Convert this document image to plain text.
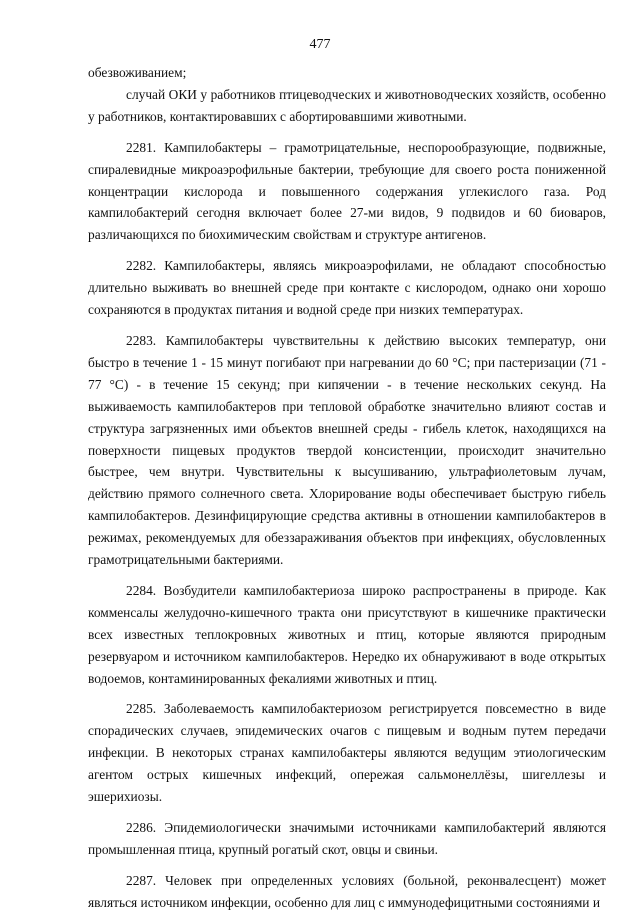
477

обезвоживанием;

случай ОКИ у работников птицеводческих и животноводческих хозяйств, особенно у работников, контактировавших с абортировавшими животными.

2281. Кампилобактеры – грамотрицательные, неспорообразующие, подвижные, спиралевидные микроаэрофильные бактерии, требующие для своего роста пониженной концентрации кислорода и повышенного содержания углекислого газа. Род кампилобактерий сегодня включает более 27-ми видов, 9 подвидов и 60 биоваров, различающихся по биохимическим свойствам и структуре антигенов.

2282. Кампилобактеры, являясь микроаэрофилами, не обладают способностью длительно выживать во внешней среде при контакте с кислородом, однако они хорошо сохраняются в продуктах питания и водной среде при низких температурах.

2283. Кампилобактеры чувствительны к действию высоких температур, они быстро в течение 1 - 15 минут погибают при нагревании до 60 °С; при пастеризации (71 - 77 °С) - в течение 15 секунд; при кипячении - в течение нескольких секунд. На выживаемость кампилобактеров при тепловой обработке значительно влияют состав и структура загрязненных ими объектов внешней среды - гибель клеток, находящихся на поверхности пищевых продуктов твердой консистенции, происходит значительно быстрее, чем внутри. Чувствительны к высушиванию, ультрафиолетовым лучам, действию прямого солнечного света. Хлорирование воды обеспечивает быструю гибель кампилобактеров. Дезинфицирующие средства активны в отношении кампилобактеров в режимах, рекомендуемых для обеззараживания объектов при инфекциях, обусловленных грамотрицательными бактериями.

2284. Возбудители кампилобактериоза широко распространены в природе. Как комменсалы желудочно-кишечного тракта они присутствуют в кишечнике практически всех известных теплокровных животных и птиц, которые являются природным резервуаром и источником кампилобактеров. Нередко их обнаруживают в воде открытых водоемов, контаминированных фекалиями животных и птиц.

2285. Заболеваемость кампилобактериозом регистрируется повсеместно в виде спорадических случаев, эпидемических очагов с пищевым и водным путем передачи инфекции. В некоторых странах кампилобактеры являются ведущим этиологическим агентом острых кишечных инфекций, опережая сальмонеллёзы, шигеллезы и эшерихиозы.

2286. Эпидемиологически значимыми источниками кампилобактерий являются промышленная птица, крупный рогатый скот, овцы и свиньи.

2287. Человек при определенных условиях (больной, реконвалесцент) может являться источником инфекции, особенно для лиц с иммунодефицитными состояниями и
